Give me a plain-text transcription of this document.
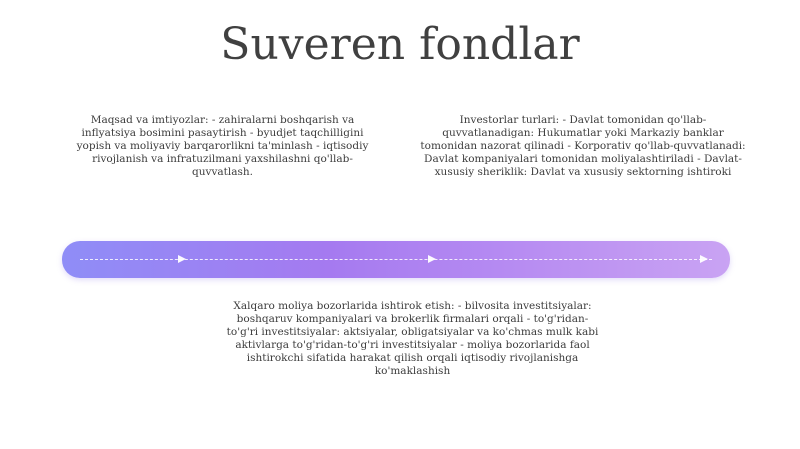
Suveren fondlar
Maqsad va imtiyozlar: - zahiralarni boshqarish va inflyatsiya bosimini pasaytirish - byudjet taqchilligini yopish va moliyaviy barqarorlikni ta'minlash - iqtisodiy rivojlanish va infratuzilmani yaxshilashni qo'llab-quvvatlash.
Investorlar turlari: - Davlat tomonidan qo'llab-quvvatlanadigan: Hukumatlar yoki Markaziy banklar tomonidan nazorat qilinadi - Korporativ qo'llab-quvvatlanadi: Davlat kompaniyalari tomonidan moliyalashtiriladi - Davlat-xususiy sheriklik: Davlat va xususiy sektorning ishtiroki
Xalqaro moliya bozorlarida ishtirok etish: - bilvosita investitsiyalar: boshqaruv kompaniyalari va brokerlik firmalari orqali - to'g'ridan-to'g'ri investitsiyalar: aktsiyalar, obligatsiyalar va ko'chmas mulk kabi aktivlarga to'g'ridan-to'g'ri investitsiyalar - moliya bozorlarida faol ishtirokchi sifatida harakat qilish orqali iqtisodiy rivojlanishga ko'maklashish
